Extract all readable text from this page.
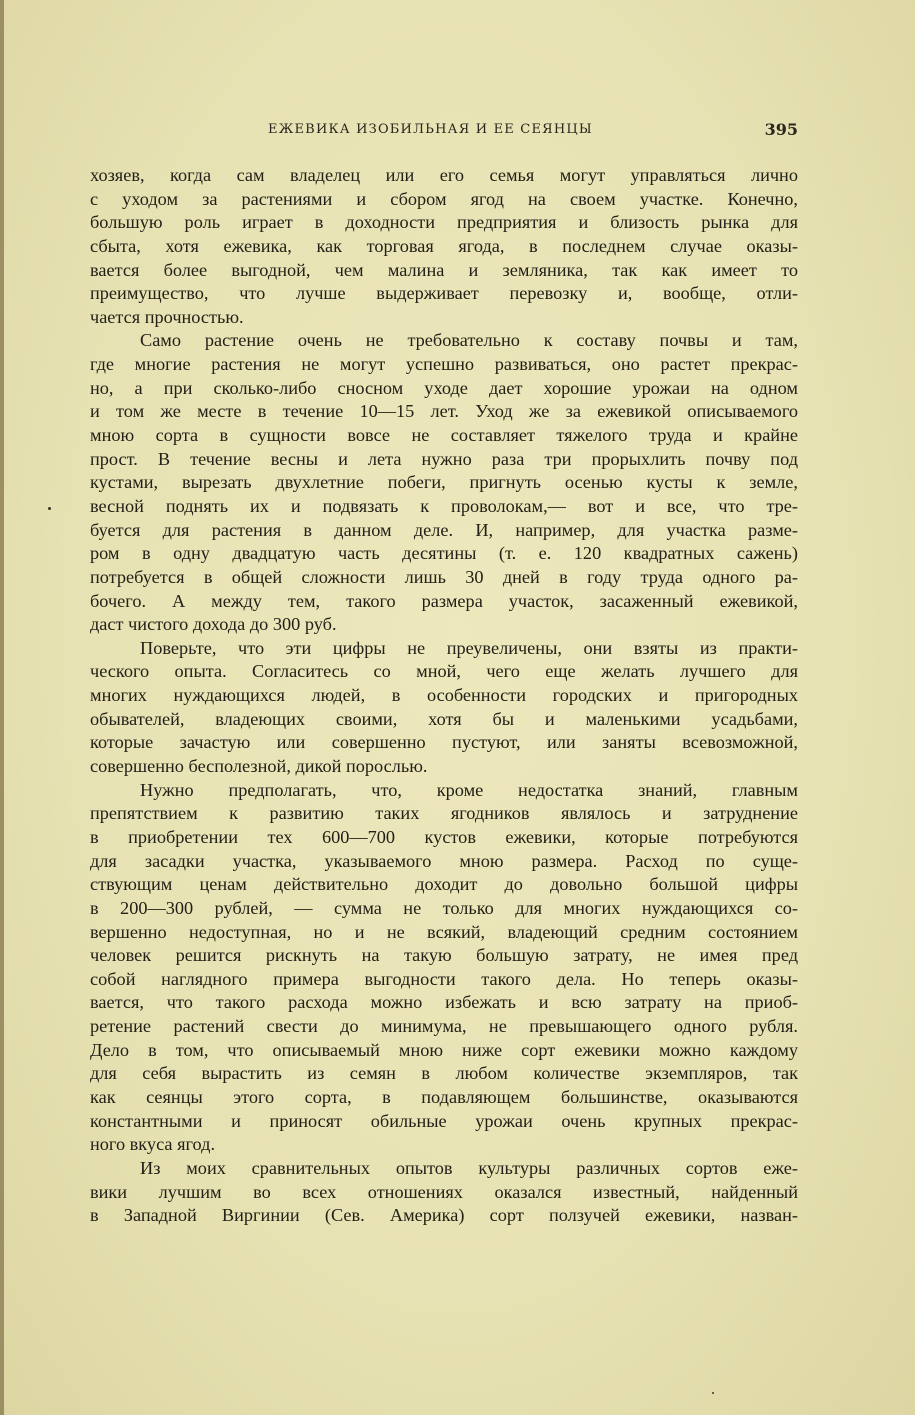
ЕЖЕВИКА ИЗОБИЛЬНАЯ И ЕЕ СЕЯНЦЫ	395
хозяев, когда сам владелец или его семья могут управляться лично
с уходом за растениями и сбором ягод на своем участке. Конечно,
большую роль играет в доходности предприятия и близость рынка для
сбыта, хотя ежевика, как торговая ягода, в последнем случае оказы-
вается более выгодной, чем малина и земляника, так как имеет то
преимущество, что лучше выдерживает перевозку и, вообще, отли-
чается прочностью.
Само растение очень не требовательно к составу почвы и там,
где многие растения не могут успешно развиваться, оно растет прекрас-
но, а при сколько-либо сносном уходе дает хорошие урожаи на одном
и том же месте в течение 10—15 лет. Уход же за ежевикой описываемого
мною сорта в сущности вовсе не составляет тяжелого труда и крайне
прост. В течение весны и лета нужно раза три прорыхлить почву под
кустами, вырезать двухлетние побеги, пригнуть осенью кусты к земле,
весной поднять их и подвязать к проволокам,— вот и все, что тре-
буется для растения в данном деле. И, например, для участка разме-
ром в одну двадцатую часть десятины (т. е. 120 квадратных сажень)
потребуется в общей сложности лишь 30 дней в году труда одного ра-
бочего. А между тем, такого размера участок, засаженный ежевикой,
даст чистого дохода до 300 руб.
Поверьте, что эти цифры не преувеличены, они взяты из практи-
ческого опыта. Согласитесь со мной, чего еще желать лучшего для
многих нуждающихся людей, в особенности городских и пригородных
обывателей, владеющих своими, хотя бы и маленькими усадьбами,
которые зачастую или совершенно пустуют, или заняты всевозможной,
совершенно бесполезной, дикой порослью.
Нужно предполагать, что, кроме недостатка знаний, главным
препятствием к развитию таких ягодников являлось и затруднение
в приобретении тех 600—700 кустов ежевики, которые потребуются
для засадки участка, указываемого мною размера. Расход по суще-
ствующим ценам действительно доходит до довольно большой цифры
в 200—300 рублей, — сумма не только для многих нуждающихся со-
вершенно недоступная, но и не всякий, владеющий средним состоянием
человек решится рискнуть на такую большую затрату, не имея пред
собой наглядного примера выгодности такого дела. Но теперь оказы-
вается, что такого расхода можно избежать и всю затрату на приоб-
ретение растений свести до минимума, не превышающего одного рубля.
Дело в том, что описываемый мною ниже сорт ежевики можно каждому
для себя вырастить из семян в любом количестве экземпляров, так
как сеянцы этого сорта, в подавляющем большинстве, оказываются
константными и приносят обильные урожаи очень крупных прекрас-
ного вкуса ягод.
Из моих сравнительных опытов культуры различных сортов еже-
вики лучшим во всех отношениях оказался известный, найденный
в Западной Виргинии (Сев. Америка) сорт ползучей ежевики, назван-
